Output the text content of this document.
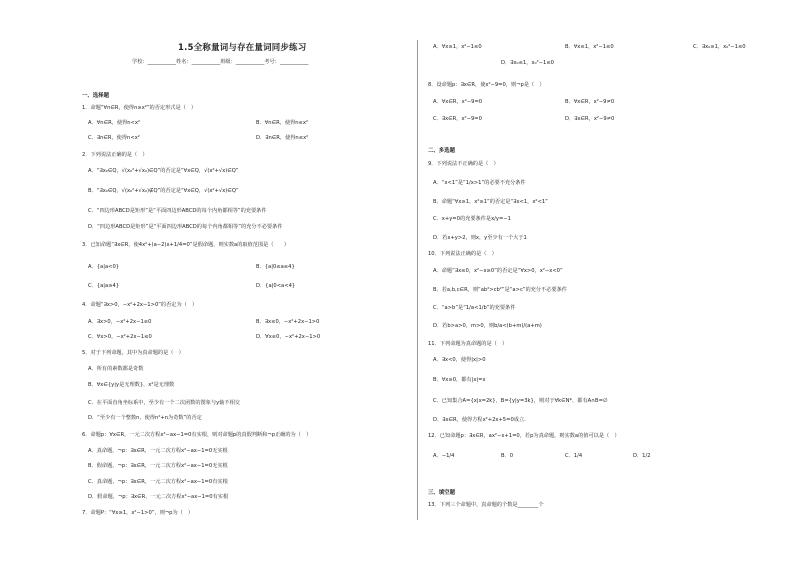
1.5全称量词与存在量词同步练习
学校：___________姓名：___________班级：___________考号：___________
一、选择题
1．命题“∀n∈R，使得n≥x²”的否定形式是（　）
A．∀n∈R，使得n<x²	B．∀n∈R，使得n≤x²
C．∃n∈R，使得n<x²	D．∃n∈R，使得n≤x²
2．下列说法正确的是（　）
A．“∃x₀∈Q，√(x₀²+√x₀)∈Q”的否定是“∀x∈Q，√(x²+√x)∈Q”
B．“∃x₀∈Q，√(x₀²+√x₀)∉Q”的否定是“∀x∈Q，√(x²+√x)∈Q”
C．“四边形ABCD是矩形”是“平面四边形ABCD的每个内角都相等”的充要条件
D．“四边形ABCD是矩形”是“平面四边形ABCD的每个内角都相等”的充分不必要条件
3．已知命题“∃x∈R，使4x²+(a−2)x+1/4=0”是假命题，则实数a的取值范围是（　　）
A．{a|a<0}	B．{a|0≤a≤4}
C．{a|a≥4}	D．{a|0<a<4}
4．命题“∃x>0，−x²+2x−1>0”的否定为（　）
A．∃x>0，−x²+2x−1≤0	B．∃x≤0，−x²+2x−1>0
C．∀x>0，−x²+2x−1≤0	D．∀x≤0，−x²+2x−1>0
5．对于下列命题，其中为真命题的是（　）
A．所有的素数都是奇数
B．∀x∈{y|y是无理数}，x²是无理数
C．在平面直角坐标系中，至少有一个二次函数的图象与y轴不相交
D．“至少有一个整数n，使得n²+n为奇数”的否定
6．命题p：∀x∈R，一元二次方程x²−ax−1=0有实根，则对命题p的真假判断和¬p正确的为（　）
A．真命题，¬p：∃x∈R，一元二次方程x²−ax−1=0无实根
B．假命题，¬p：∃x∈R，一元二次方程x²−ax−1=0无实根
C．真命题，¬p：∃x∈R，一元二次方程x²−ax−1=0有实根
D．假命题，¬p：∃x∈R，一元二次方程x²−ax−1=0有实根
7．命题P：“∀x≥1，x²−1>0”，则¬p为（　）
A．∀x≥1，x²−1≤0	B．∀x≤1，x²−1≤0	C．∃x₀≥1，x₀²−1≤0
D．∃x₀≤1，x₀²−1≤0
8．设命题p：∃x∈R，使x²−9=0，则¬p是（　）
A．∀x∈R，x²−9=0	B．∀x∈R，x²−9≠0
C．∃x∈R，x²−9=0	D．∃x∈R，x²−9≠0
二、多选题
9．下列说法不正确的是（　）
A．“x<1”是“1/x>1”的必要不充分条件
B．命题“∀x≥1，x²≥1”的否定是“∃x<1，x²<1”
C．x+y=0的充要条件是x/y=−1
D．若x+y>2，则x，y至少有一个大于1
10．下列说法正确的是（　）
A．命题“∃x≤0，x²−x≥0”的否定是“∀x>0，x²−x<0”
B．若a,b,c∈R，则“ab²>cb²”是“a>c”的充分不必要条件
C．“a>b”是“1/a<1/b”的充要条件
D．若b>a>0，m>0，则b/a<(b+m)/(a+m)
11．下列命题为真命题的是（　）
A．∃x<0，使得|x|>0
B．∀x≥0，都有|x|=x
C．已知集合A={x|x=2k}，B={y|y=3k}，则对于∀k∈N*，都有A∩B=∅
D．∃x∈R，使得方程x²+2x+5=0成立.
12．已知命题p：∃x∈R，ax²−x+1=0，若p为真命题，则实数a的值可以是（　）
A．−1/4	B．0	C．1/4	D．1/2
三、填空题
13．下列三个命题中，真命题的个数是________个
